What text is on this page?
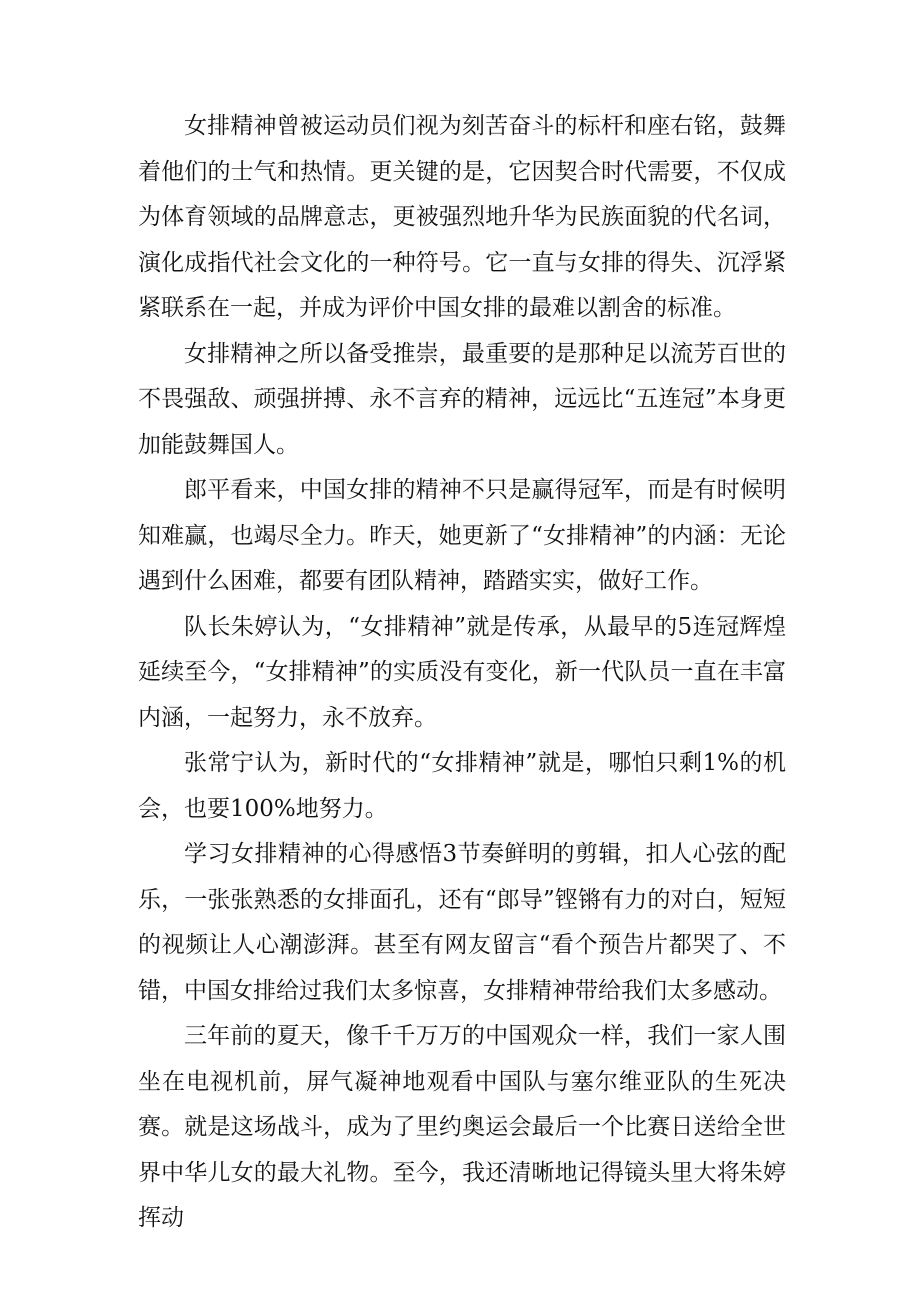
女排精神曾被运动员们视为刻苦奋斗的标杆和座右铭，鼓舞着他们的士气和热情。更关键的是，它因契合时代需要，不仅成为体育领域的品牌意志，更被强烈地升华为民族面貌的代名词，演化成指代社会文化的一种符号。它一直与女排的得失、沉浮紧紧联系在一起，并成为评价中国女排的最难以割舍的标准。

女排精神之所以备受推崇，最重要的是那种足以流芳百世的不畏强敌、顽强拼搏、永不言弃的精神，远远比“五连冠”本身更加能鼓舞国人。

郎平看来，中国女排的精神不只是赢得冠军，而是有时候明知难赢，也竭尽全力。昨天，她更新了“女排精神”的内涵：无论遇到什么困难，都要有团队精神，踏踏实实，做好工作。

队长朱婷认为，“女排精神”就是传承，从最早的5连冠辉煌延续至今，“女排精神”的实质没有变化，新一代队员一直在丰富内涵，一起努力，永不放弃。

张常宁认为，新时代的“女排精神”就是，哪怕只剩1%的机会，也要100%地努力。

学习女排精神的心得感悟3节奏鲜明的剪辑，扣人心弦的配乐，一张张熟悉的女排面孔，还有“郎导”铿锵有力的对白，短短的视频让人心潮澎湃。甚至有网友留言“看个预告片都哭了、不错，中国女排给过我们太多惊喜，女排精神带给我们太多感动。

三年前的夏天，像千千万万的中国观众一样，我们一家人围坐在电视机前，屏气凝神地观看中国队与塞尔维亚队的生死决赛。就是这场战斗，成为了里约奥运会最后一个比赛日送给全世界中华儿女的最大礼物。至今，我还清晰地记得镜头里大将朱婷挥动
